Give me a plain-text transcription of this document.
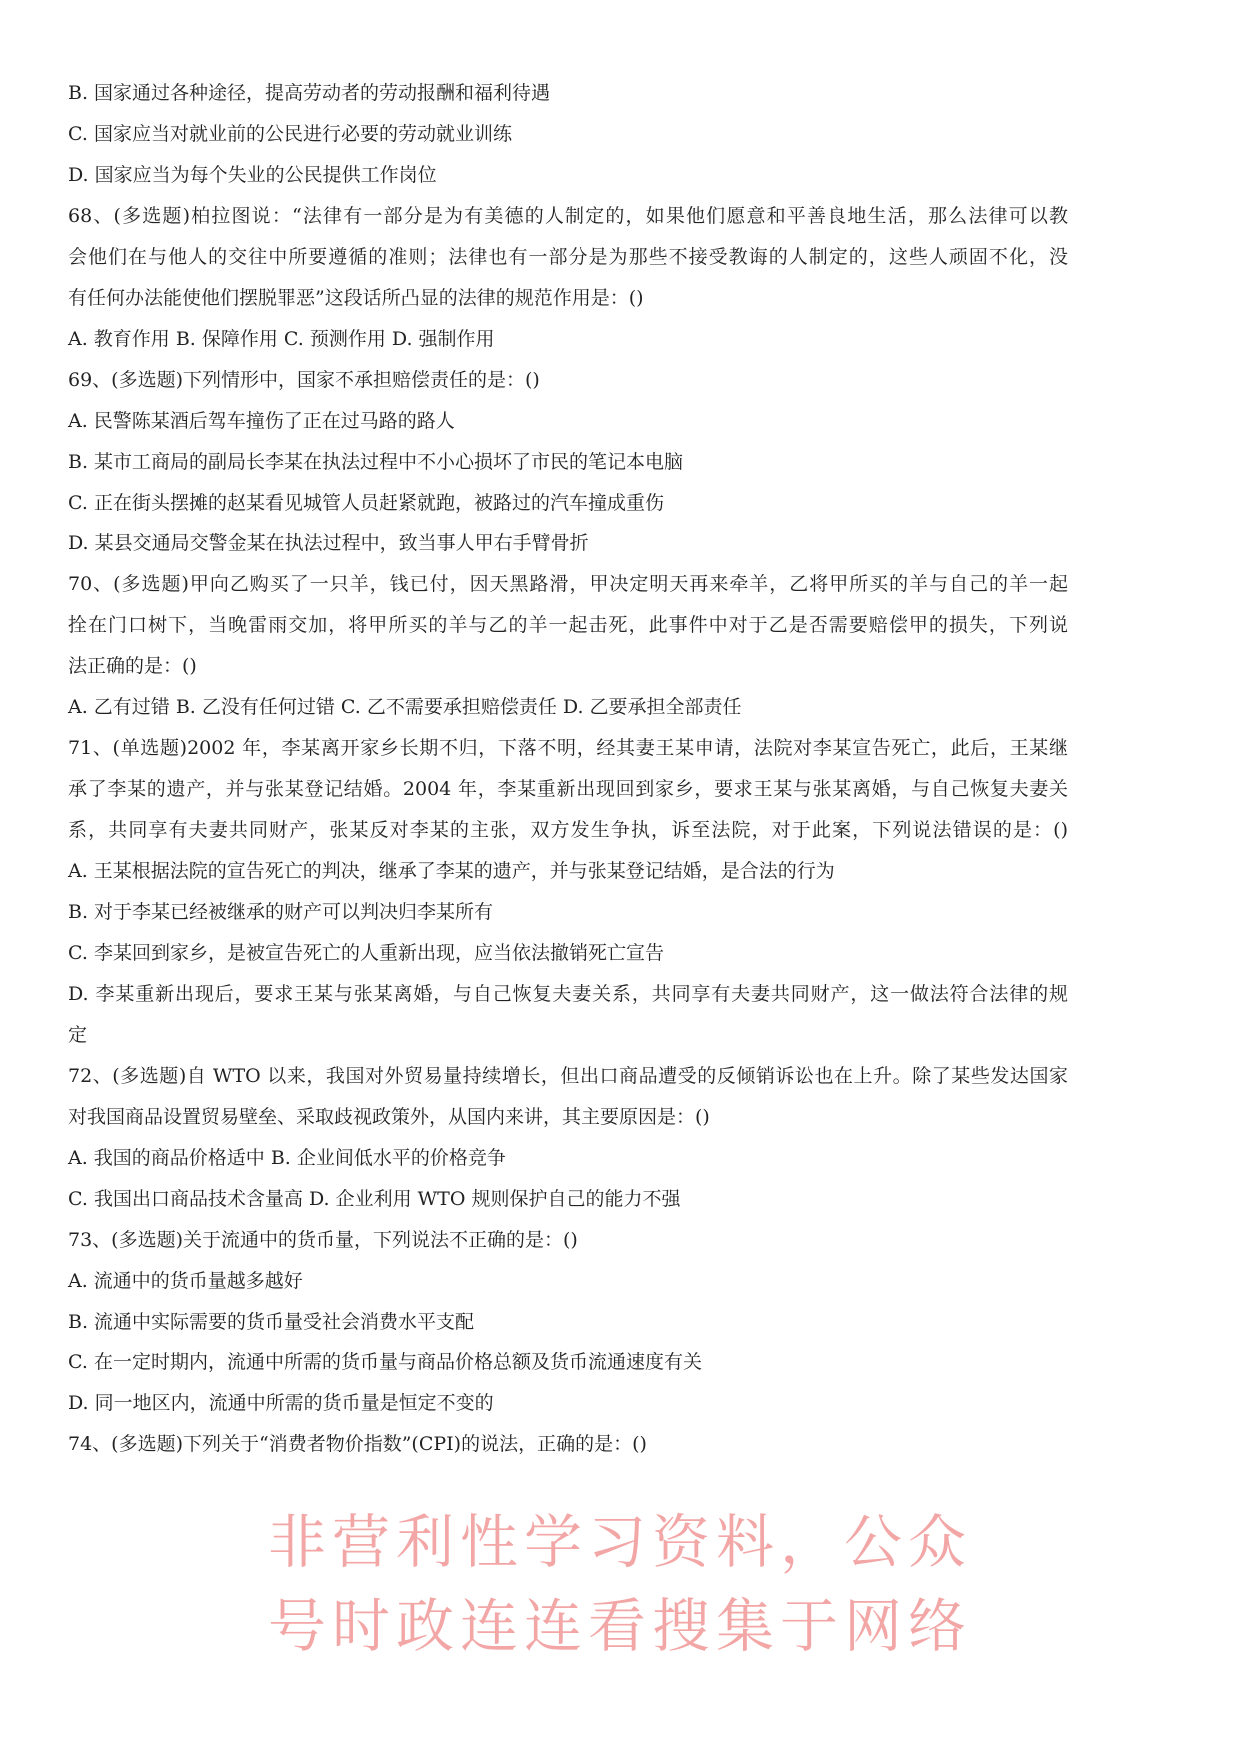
B. 国家通过各种途径，提高劳动者的劳动报酬和福利待遇
C. 国家应当对就业前的公民进行必要的劳动就业训练
D. 国家应当为每个失业的公民提供工作岗位
68、(多选题)柏拉图说：“法律有一部分是为有美德的人制定的，如果他们愿意和平善良地生活，那么法律可以教
会他们在与他人的交往中所要遵循的准则；法律也有一部分是为那些不接受教诲的人制定的，这些人顽固不化，没
有任何办法能使他们摆脱罪恶”这段话所凸显的法律的规范作用是：()
A. 教育作用 B. 保障作用 C. 预测作用 D. 强制作用
69、(多选题)下列情形中，国家不承担赔偿责任的是：()
A. 民警陈某酒后驾车撞伤了正在过马路的路人
B. 某市工商局的副局长李某在执法过程中不小心损坏了市民的笔记本电脑
C. 正在街头摆摊的赵某看见城管人员赶紧就跑，被路过的汽车撞成重伤
D. 某县交通局交警金某在执法过程中，致当事人甲右手臂骨折
70、(多选题)甲向乙购买了一只羊，钱已付，因天黑路滑，甲决定明天再来牵羊，乙将甲所买的羊与自己的羊一起
拴在门口树下，当晚雷雨交加，将甲所买的羊与乙的羊一起击死，此事件中对于乙是否需要赔偿甲的损失，下列说
法正确的是：()
A. 乙有过错 B. 乙没有任何过错 C. 乙不需要承担赔偿责任 D. 乙要承担全部责任
71、(单选题)2002 年，李某离开家乡长期不归，下落不明，经其妻王某申请，法院对李某宣告死亡，此后，王某继
承了李某的遗产，并与张某登记结婚。2004 年，李某重新出现回到家乡，要求王某与张某离婚，与自己恢复夫妻关
系，共同享有夫妻共同财产，张某反对李某的主张，双方发生争执，诉至法院，对于此案，下列说法错误的是：()
A. 王某根据法院的宣告死亡的判决，继承了李某的遗产，并与张某登记结婚，是合法的行为
B. 对于李某已经被继承的财产可以判决归李某所有
C. 李某回到家乡，是被宣告死亡的人重新出现，应当依法撤销死亡宣告
D. 李某重新出现后，要求王某与张某离婚，与自己恢复夫妻关系，共同享有夫妻共同财产，这一做法符合法律的规
定
72、(多选题)自 WTO 以来，我国对外贸易量持续增长，但出口商品遭受的反倾销诉讼也在上升。除了某些发达国家
对我国商品设置贸易壁垒、采取歧视政策外，从国内来讲，其主要原因是：()
A. 我国的商品价格适中 B. 企业间低水平的价格竞争
C. 我国出口商品技术含量高 D. 企业利用 WTO 规则保护自己的能力不强
73、(多选题)关于流通中的货币量，下列说法不正确的是：()
A. 流通中的货币量越多越好
B. 流通中实际需要的货币量受社会消费水平支配
C. 在一定时期内，流通中所需的货币量与商品价格总额及货币流通速度有关
D. 同一地区内，流通中所需的货币量是恒定不变的
74、(多选题)下列关于“消费者物价指数”(CPI)的说法，正确的是：()
非营利性学习资料，公众号时政连连看搜集于网络
